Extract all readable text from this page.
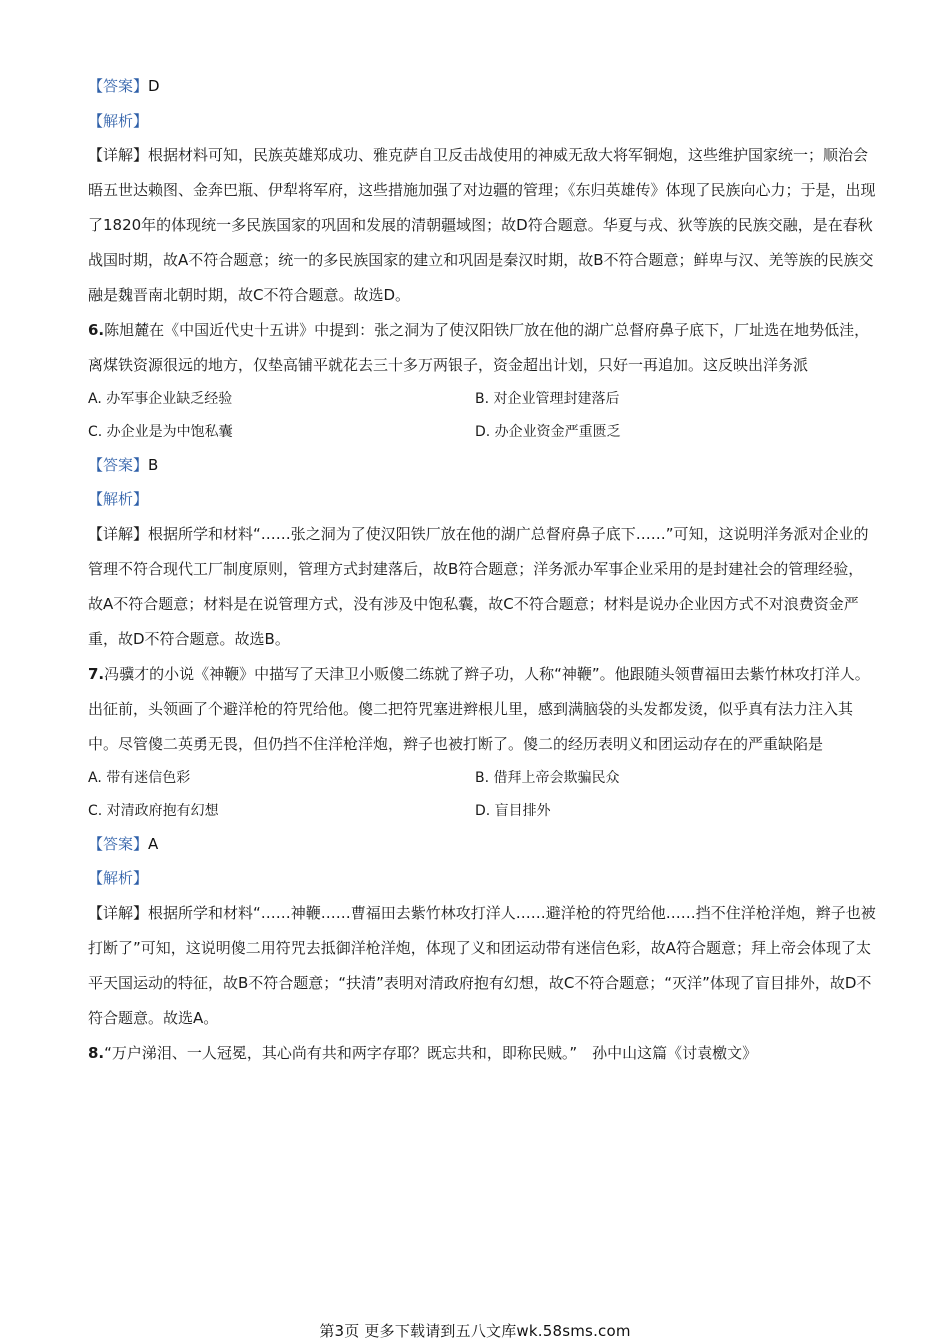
【答案】D
【解析】

【详解】根据材料可知，民族英雄郑成功、雅克萨自卫反击战使用的神威无敌大将军铜炮，这些维护国家统一；顺治会晤五世达赖图、金奔巴瓶、伊犁将军府，这些措施加强了对边疆的管理；《东归英雄传》体现了民族向心力；于是，出现了1820年的体现统一多民族国家的巩固和发展的清朝疆域图；故D符合题意。华夏与戎、狄等族的民族交融，是在春秋战国时期，故A不符合题意；统一的多民族国家的建立和巩固是秦汉时期，故B不符合题意；鲜卑与汉、羌等族的民族交融是魏晋南北朝时期，故C不符合题意。故选D。

6.陈旭麓在《中国近代史十五讲》中提到：张之洞为了使汉阳铁厂放在他的湖广总督府鼻子底下，厂址选在地势低洼，离煤铁资源很远的地方，仅垫高铺平就花去三十多万两银子，资金超出计划，只好一再追加。这反映出洋务派

A. 办军事企业缺乏经验	B. 对企业管理封建落后
C. 办企业是为中饱私囊	D. 办企业资金严重匮乏
【答案】B
【解析】

【详解】根据所学和材料“……张之洞为了使汉阳铁厂放在他的湖广总督府鼻子底下……”可知，这说明洋务派对企业的管理不符合现代工厂制度原则，管理方式封建落后，故B符合题意；洋务派办军事企业采用的是封建社会的管理经验，故A不符合题意；材料是在说管理方式，没有涉及中饱私囊，故C不符合题意；材料是说办企业因方式不对浪费资金严重，故D不符合题意。故选B。

7.冯骥才的小说《神鞭》中描写了天津卫小贩傻二练就了辫子功，人称“神鞭”。他跟随头领曹福田去紫竹林攻打洋人。出征前，头领画了个避洋枪的符咒给他。傻二把符咒塞进辫根儿里，感到满脑袋的头发都发烫，似乎真有法力注入其中。尽管傻二英勇无畏，但仍挡不住洋枪洋炮，辫子也被打断了。傻二的经历表明义和团运动存在的严重缺陷是

A. 带有迷信色彩	B. 借拜上帝会欺骗民众
C. 对清政府抱有幻想	D. 盲目排外
【答案】A
【解析】

【详解】根据所学和材料“……神鞭……曹福田去紫竹林攻打洋人……避洋枪的符咒给他……挡不住洋枪洋炮，辫子也被打断了”可知，这说明傻二用符咒去抵御洋枪洋炮，体现了义和团运动带有迷信色彩，故A符合题意；拜上帝会体现了太平天国运动的特征，故B不符合题意；“扶清”表明对清政府抱有幻想，故C不符合题意；“灭洋”体现了盲目排外，故D不符合题意。故选A。

8.“万户涕泪、一人冠冕，其心尚有共和两字存耶？既忘共和，即称民贼。”　孙中山这篇《讨袁檄文》

第3页 更多下载请到五八文库wk.58sms.com
